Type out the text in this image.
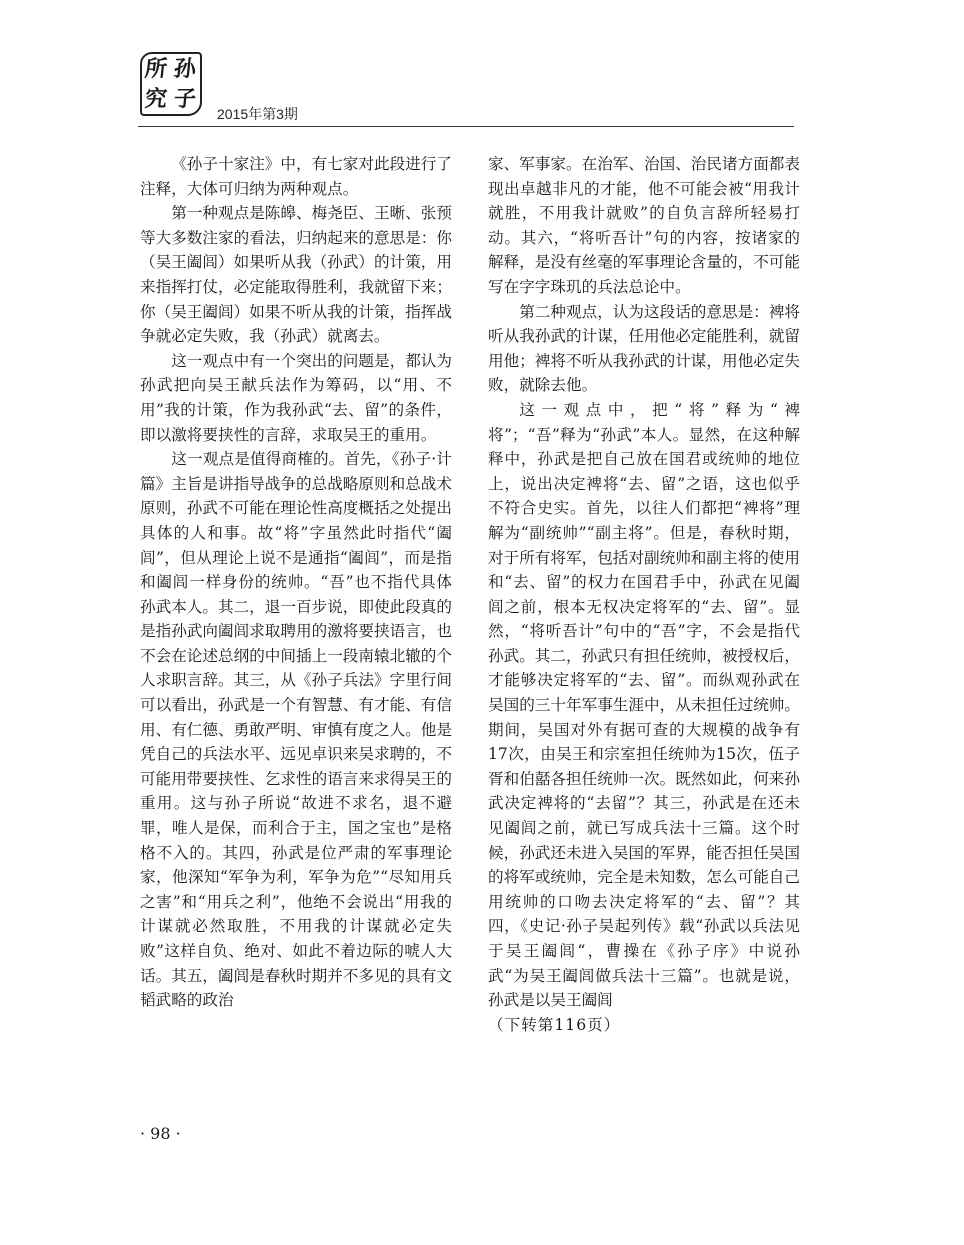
所 孙
究 子
2015年第3期

《孙子十家注》中，有七家对此段进行了注释，大体可归纳为两种观点。

第一种观点是陈皞、梅尧臣、王晰、张预等大多数注家的看法，归纳起来的意思是：你（吴王阖闾）如果听从我（孙武）的计策，用来指挥打仗，必定能取得胜利，我就留下来；你（吴王阖闾）如果不听从我的计策，指挥战争就必定失败，我（孙武）就离去。

这一观点中有一个突出的问题是，都认为孙武把向吴王献兵法作为筹码，以“用、不用”我的计策，作为我孙武“去、留”的条件，即以激将要挟性的言辞，求取吴王的重用。

这一观点是值得商榷的。首先，《孙子·计篇》主旨是讲指导战争的总战略原则和总战术原则，孙武不可能在理论性高度概括之处提出具体的人和事。故“将”字虽然此时指代“阖闾”，但从理论上说不是通指“阖闾”，而是指和阖闾一样身份的统帅。“吾”也不指代具体孙武本人。其二，退一百步说，即使此段真的是指孙武向阖闾求取聘用的激将要挟语言，也不会在论述总纲的中间插上一段南辕北辙的个人求职言辞。其三，从《孙子兵法》字里行间可以看出，孙武是一个有智慧、有才能、有信用、有仁德、勇敢严明、审慎有度之人。他是凭自己的兵法水平、远见卓识来吴求聘的，不可能用带要挟性、乞求性的语言来求得吴王的重用。这与孙子所说“故进不求名，退不避罪，唯人是保，而利合于主，国之宝也”是格格不入的。其四，孙武是位严肃的军事理论家，他深知“军争为利，军争为危”“尽知用兵之害”和“用兵之利”，他绝不会说出“用我的计谋就必然取胜，不用我的计谋就必定失败”这样自负、绝对、如此不着边际的唬人大话。其五，阖闾是春秋时期并不多见的具有文韬武略的政治

家、军事家。在治军、治国、治民诸方面都表现出卓越非凡的才能，他不可能会被“用我计就胜，不用我计就败”的自负言辞所轻易打动。其六，“将听吾计”句的内容，按诸家的解释，是没有丝毫的军事理论含量的，不可能写在字字珠玑的兵法总论中。

第二种观点，认为这段话的意思是：裨将听从我孙武的计谋，任用他必定能胜利，就留用他；裨将不听从我孙武的计谋，用他必定失败，就除去他。

这一观点中，把“将”释为“裨将”；“吾”释为“孙武”本人。显然，在这种解释中，孙武是把自己放在国君或统帅的地位上，说出决定裨将“去、留”之语，这也似乎不符合史实。首先，以往人们都把“裨将”理解为“副统帅”“副主将”。但是，春秋时期，对于所有将军，包括对副统帅和副主将的使用和“去、留”的权力在国君手中，孙武在见阖闾之前，根本无权决定将军的“去、留”。显然，“将听吾计”句中的“吾”字，不会是指代孙武。其二，孙武只有担任统帅，被授权后，才能够决定将军的“去、留”。而纵观孙武在吴国的三十年军事生涯中，从未担任过统帅。期间，吴国对外有据可查的大规模的战争有17次，由吴王和宗室担任统帅为15次，伍子胥和伯嚭各担任统帅一次。既然如此，何来孙武决定裨将的“去留”？其三，孙武是在还未见阖闾之前，就已写成兵法十三篇。这个时候，孙武还未进入吴国的军界，能否担任吴国的将军或统帅，完全是未知数，怎么可能自己用统帅的口吻去决定将军的“去、留”？其四，《史记·孙子吴起列传》载“孙武以兵法见于吴王阖闾“，曹操在《孙子序》中说孙武“为吴王阖闾做兵法十三篇”。也就是说，孙武是以吴王阖闾

（下转第116页）

· 98 ·
